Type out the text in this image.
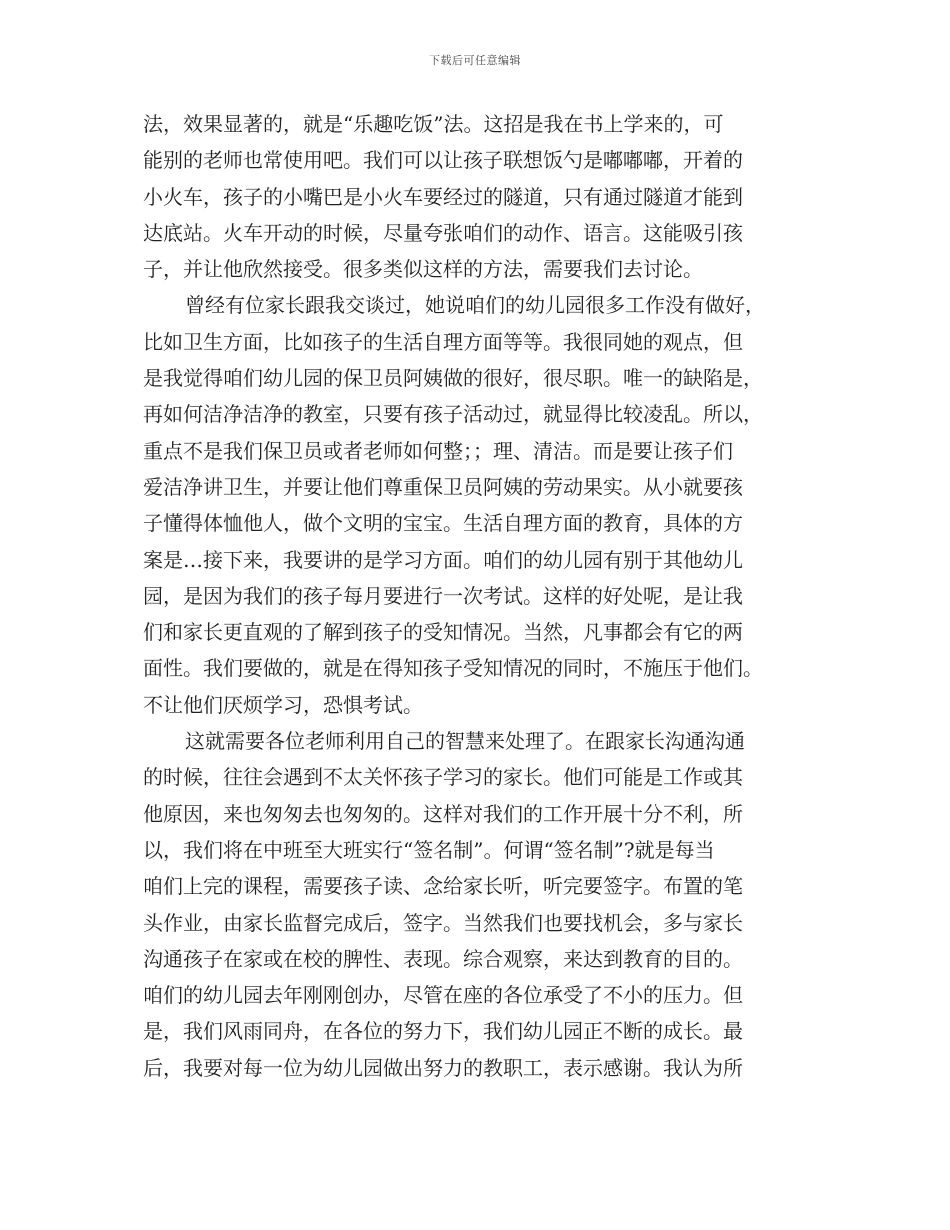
下载后可任意编辑
法，效果显著的，就是“乐趣吃饭”法。这招是我在书上学来的，可
能别的老师也常使用吧。我们可以让孩子联想饭勺是嘟嘟嘟，开着的
小火车，孩子的小嘴巴是小火车要经过的隧道，只有通过隧道才能到
达底站。火车开动的时候，尽量夸张咱们的动作、语言。这能吸引孩
子，并让他欣然接受。很多类似这样的方法，需要我们去讨论。
曾经有位家长跟我交谈过，她说咱们的幼儿园很多工作没有做好，
比如卫生方面，比如孩子的生活自理方面等等。我很同她的观点，但
是我觉得咱们幼儿园的保卫员阿姨做的很好，很尽职。唯一的缺陷是，
再如何洁净洁净的教室，只要有孩子活动过，就显得比较凌乱。所以，
重点不是我们保卫员或者老师如何整；；理、清洁。而是要让孩子们
爱洁净讲卫生，并要让他们尊重保卫员阿姨的劳动果实。从小就要孩
子懂得体恤他人，做个文明的宝宝。生活自理方面的教育，具体的方
案是…接下来，我要讲的是学习方面。咱们的幼儿园有别于其他幼儿
园，是因为我们的孩子每月要进行一次考试。这样的好处呢，是让我
们和家长更直观的了解到孩子的受知情况。当然，凡事都会有它的两
面性。我们要做的，就是在得知孩子受知情况的同时，不施压于他们。
不让他们厌烦学习，恐惧考试。
这就需要各位老师利用自己的智慧来处理了。在跟家长沟通沟通
的时候，往往会遇到不太关怀孩子学习的家长。他们可能是工作或其
他原因，来也匆匆去也匆匆的。这样对我们的工作开展十分不利，所
以，我们将在中班至大班实行“签名制”。何谓“签名制”?就是每当
咱们上完的课程，需要孩子读、念给家长听，听完要签字。布置的笔
头作业，由家长监督完成后，签字。当然我们也要找机会，多与家长
沟通孩子在家或在校的脾性、表现。综合观察，来达到教育的目的。
咱们的幼儿园去年刚刚创办，尽管在座的各位承受了不小的压力。但
是，我们风雨同舟，在各位的努力下，我们幼儿园正不断的成长。最
后，我要对每一位为幼儿园做出努力的教职工，表示感谢。我认为所
